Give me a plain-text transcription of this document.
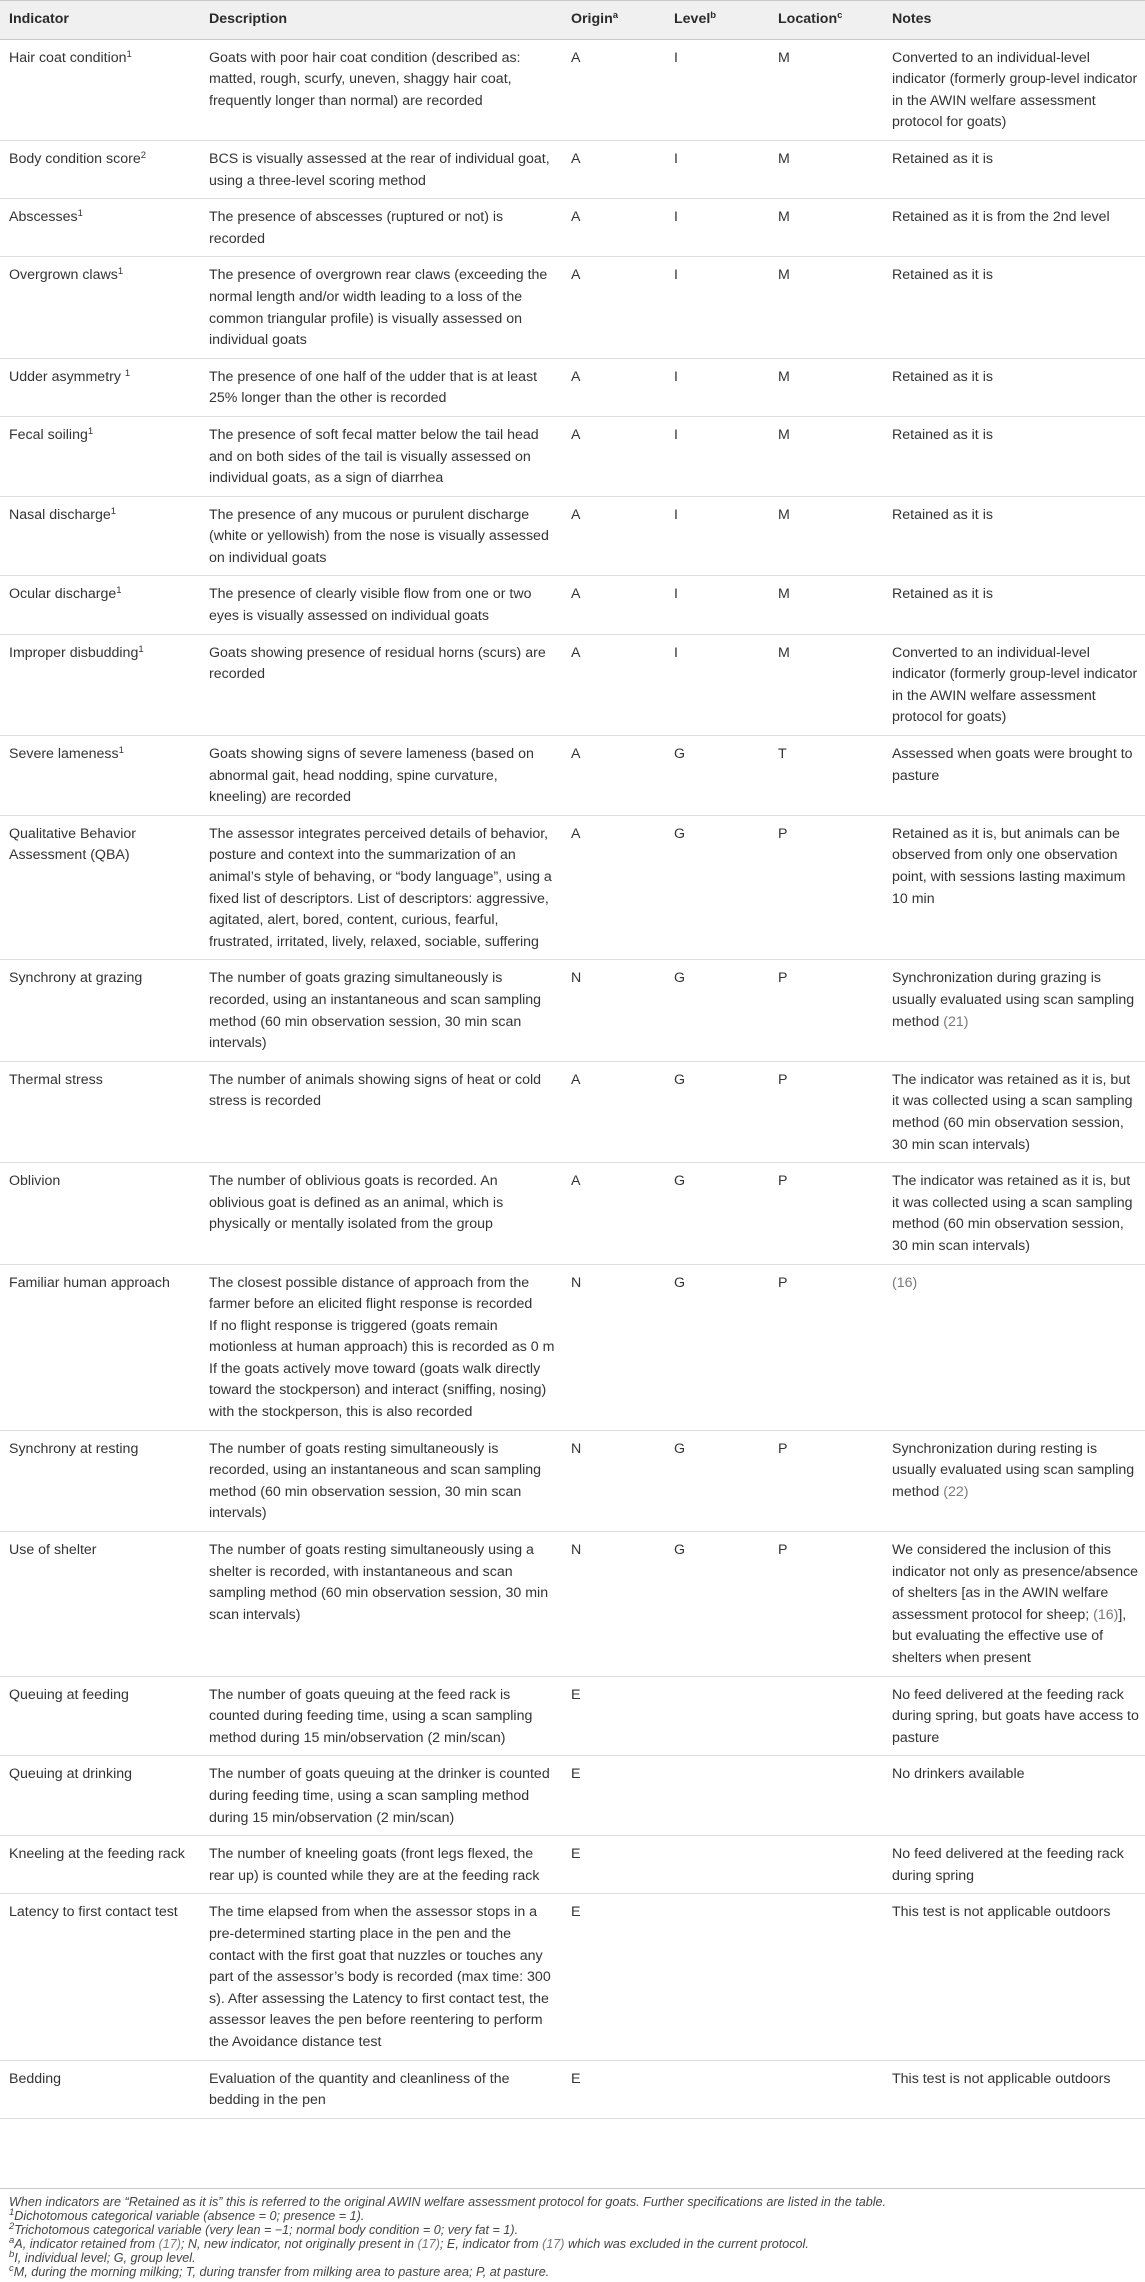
Indicator	Description	Origin$^a$	Level$^b$	Location$^c$	Notes
Hair coat condition$^1$	Goats with poor hair coat condition (described as: matted, rough, scurfy, uneven, shaggy hair coat, frequently longer than normal) are recorded	A	I	M	Converted to an individual-level indicator (formerly group-level indicator in the AWIN welfare assessment protocol for goats)
Body condition score$^2$	BCS is visually assessed at the rear of individual goat, using a three-level scoring method	A	I	M	Retained as it is
Abscesses$^1$	The presence of abscesses (ruptured or not) is recorded	A	I	M	Retained as it is from the 2nd level
Overgrown claws$^1$	The presence of overgrown rear claws (exceeding the normal length and/or width leading to a loss of the common triangular profile) is visually assessed on individual goats	A	I	M	Retained as it is
Udder asymmetry $^1$	The presence of one half of the udder that is at least 25% longer than the other is recorded	A	I	M	Retained as it is
Fecal soiling$^1$	The presence of soft fecal matter below the tail head and on both sides of the tail is visually assessed on individual goats, as a sign of diarrhea	A	I	M	Retained as it is
Nasal discharge$^1$	The presence of any mucous or purulent discharge (white or yellowish) from the nose is visually assessed on individual goats	A	I	M	Retained as it is
Ocular discharge$^1$	The presence of clearly visible flow from one or two eyes is visually assessed on individual goats	A	I	M	Retained as it is
Improper disbudding$^1$	Goats showing presence of residual horns (scurs) are recorded	A	I	M	Converted to an individual-level indicator (formerly group-level indicator in the AWIN welfare assessment protocol for goats)
Severe lameness$^1$	Goats showing signs of severe lameness (based on abnormal gait, head nodding, spine curvature, kneeling) are recorded	A	G	T	Assessed when goats were brought to pasture
Qualitative Behavior Assessment (QBA)	The assessor integrates perceived details of behavior, posture and context into the summarization of an animal’s style of behaving, or “body language”, using a fixed list of descriptors. List of descriptors: aggressive, agitated, alert, bored, content, curious, fearful, frustrated, irritated, lively, relaxed, sociable, suffering	A	G	P	Retained as it is, but animals can be observed from only one observation point, with sessions lasting maximum 10 min
Synchrony at grazing	The number of goats grazing simultaneously is recorded, using an instantaneous and scan sampling method (60 min observation session, 30 min scan intervals)	N	G	P	Synchronization during grazing is usually evaluated using scan sampling method (21)
Thermal stress	The number of animals showing signs of heat or cold stress is recorded	A	G	P	The indicator was retained as it is, but it was collected using a scan sampling method (60 min observation session, 30 min scan intervals)
Oblivion	The number of oblivious goats is recorded. An oblivious goat is defined as an animal, which is physically or mentally isolated from the group	A	G	P	The indicator was retained as it is, but it was collected using a scan sampling method (60 min observation session, 30 min scan intervals)
Familiar human approach	The closest possible distance of approach from the farmer before an elicited flight response is recorded
If no flight response is triggered (goats remain motionless at human approach) this is recorded as 0 m
If the goats actively move toward (goats walk directly toward the stockperson) and interact (sniffing, nosing) with the stockperson, this is also recorded	N	G	P	(16)
Synchrony at resting	The number of goats resting simultaneously is recorded, using an instantaneous and scan sampling method (60 min observation session, 30 min scan intervals)	N	G	P	Synchronization during resting is usually evaluated using scan sampling method (22)
Use of shelter	The number of goats resting simultaneously using a shelter is recorded, with instantaneous and scan sampling method (60 min observation session, 30 min scan intervals)	N	G	P	We considered the inclusion of this indicator not only as presence/absence of shelters [as in the AWIN welfare assessment protocol for sheep; (16)], but evaluating the effective use of shelters when present
Queuing at feeding	The number of goats queuing at the feed rack is counted during feeding time, using a scan sampling method during 15 min/observation (2 min/scan)	E			No feed delivered at the feeding rack during spring, but goats have access to pasture
Queuing at drinking	The number of goats queuing at the drinker is counted during feeding time, using a scan sampling method during 15 min/observation (2 min/scan)	E			No drinkers available
Kneeling at the feeding rack	The number of kneeling goats (front legs flexed, the rear up) is counted while they are at the feeding rack	E			No feed delivered at the feeding rack during spring
Latency to first contact test	The time elapsed from when the assessor stops in a pre-determined starting place in the pen and the contact with the first goat that nuzzles or touches any part of the assessor’s body is recorded (max time: 300 s). After assessing the Latency to first contact test, the assessor leaves the pen before reentering to perform the Avoidance distance test	E			This test is not applicable outdoors
Bedding	Evaluation of the quantity and cleanliness of the bedding in the pen	E			This test is not applicable outdoors
When indicators are “Retained as it is” this is referred to the original AWIN welfare assessment protocol for goats. Further specifications are listed in the table.
$^1$Dichotomous categorical variable (absence = 0; presence = 1).
$^2$Trichotomous categorical variable (very lean = −1; normal body condition = 0; very fat = 1).
$^a$A, indicator retained from (17); N, new indicator, not originally present in (17); E, indicator from (17) which was excluded in the current protocol.
$^b$I, individual level; G, group level.
$^c$M, during the morning milking; T, during transfer from milking area to pasture area; P, at pasture.
